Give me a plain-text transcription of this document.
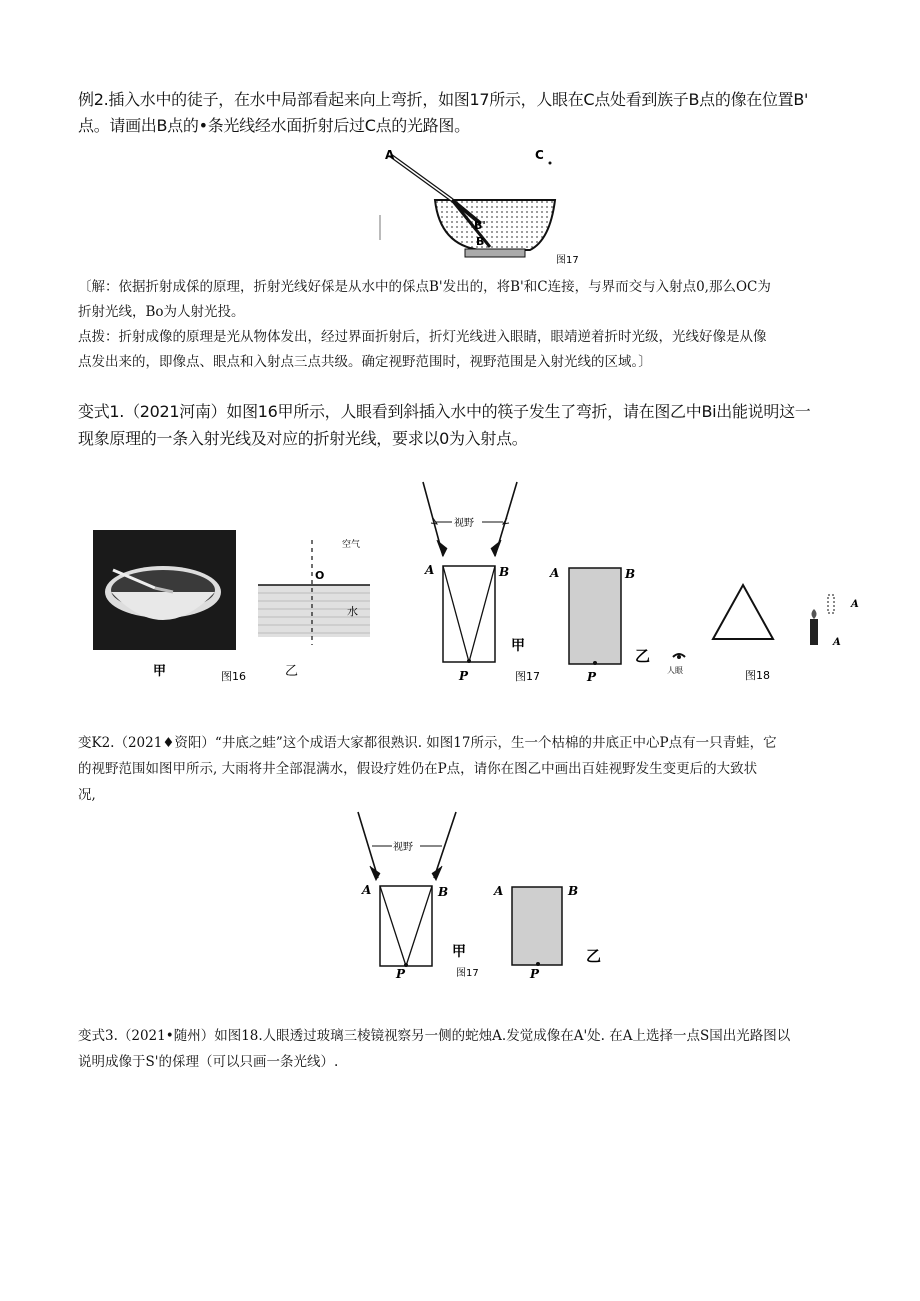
例2.插入水中的徒子，在水中局部看起来向上弯折，如图17所示，人眼在C点处看到族子B点的像在位置B'
点。请画出B点的•条光线经水面折射后过C点的光路图。
A	C
B'
B
图17
〔解：依据折射成倸的原理，折射光线好倸是从水中的倸点B'发出的，将B'和C连接，与界而交与入射点0,那么OC为
折射光线，Bo为人射光投。
点拨：折射成像的原理是光从物体发出，经过界面折射后，折灯光线进入眼睛，眼靖逆着折时光级，光线好像是从像
点发出来的，即像点、眼点和入射点三点共级。确定视野范围时，视野范围是入射光线的区域。〕
变式1.（2021河南）如图16甲所示，人眼看到斜插入水中的筷子发生了弯折，请在图乙中Bi出能说明这一
现象原理的一条入射光线及对应的折射光线，要求以0为入射点。
甲	图16
空气
水
O
乙
视野
A	B
P
甲
图17
A	B
P
乙
人眼	图18
A
A
变K2.（2021♦资阳）“井底之蛙”这个成语大家都很熟识. 如图17所示，生一个枯棉的井底正中心P点有一只青蛙，它
的视野范围如图甲所示, 大雨将井全部混满水，假设疗姓仍在P点，请你在图乙中画出百娃视野发生变更后的大致状
况,
视野
A	B
P
甲
图17
A	B
P
乙
变式3.（2021•随州）如图18.人眼透过玻璃三棱镜视察另一侧的蛇烛A.发觉成像在A'处. 在A上选择一点S国出光路图以
说明成像于S'的倸理（可以只画一条光线）.
